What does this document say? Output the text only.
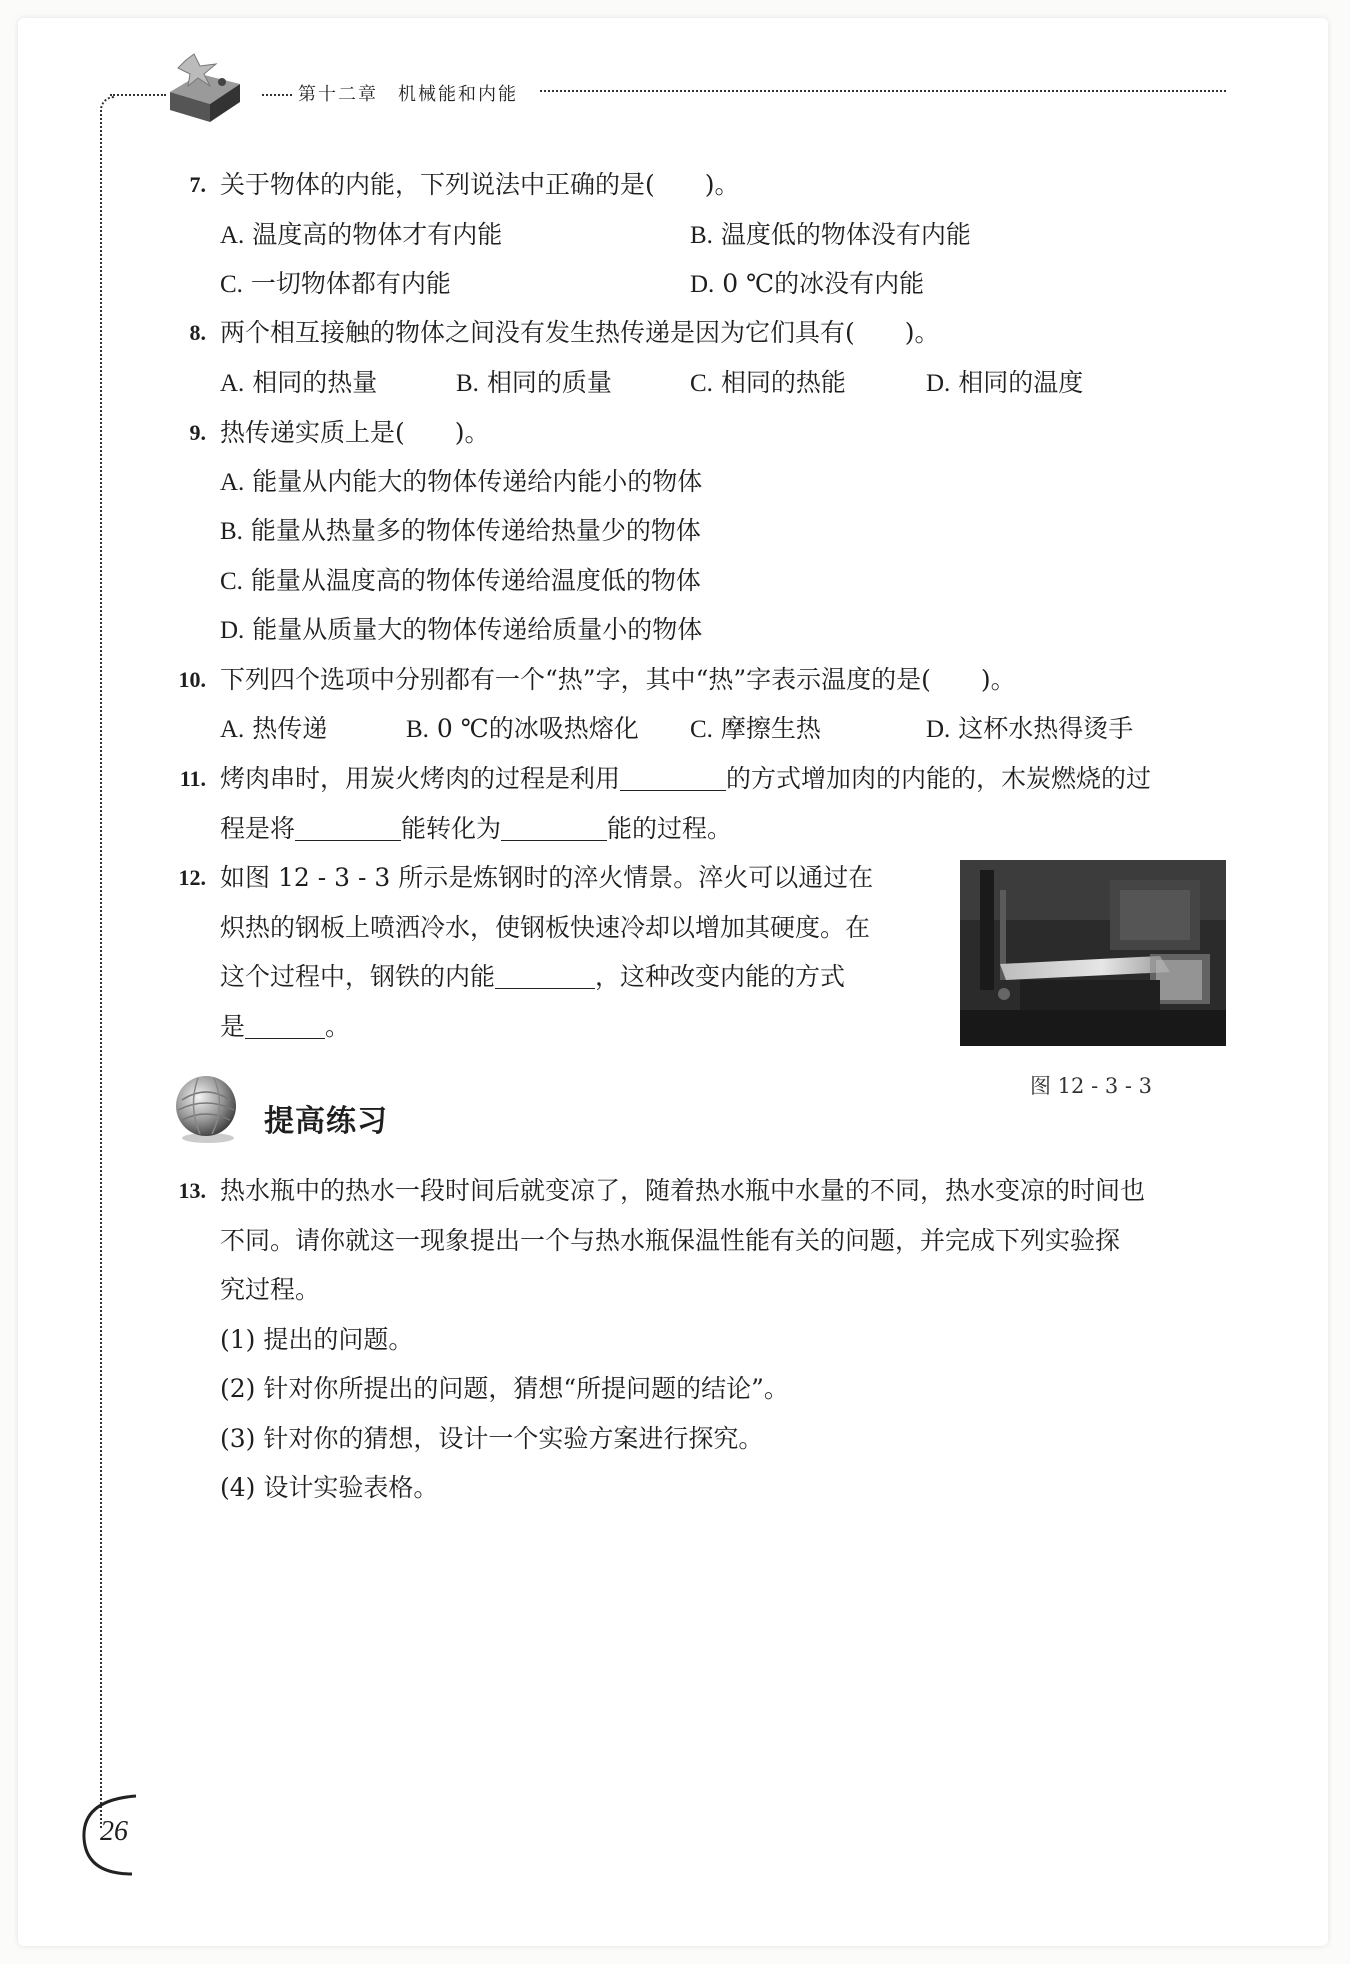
第十二章　机械能和内能
7. 关于物体的内能，下列说法中正确的是( )。
A. 温度高的物体才有内能	B. 温度低的物体没有内能
C. 一切物体都有内能	D. 0 ℃的冰没有内能
8. 两个相互接触的物体之间没有发生热传递是因为它们具有( )。
A. 相同的热量	B. 相同的质量	C. 相同的热能	D. 相同的温度
9. 热传递实质上是( )。
A. 能量从内能大的物体传递给内能小的物体
B. 能量从热量多的物体传递给热量少的物体
C. 能量从温度高的物体传递给温度低的物体
D. 能量从质量大的物体传递给质量小的物体
10. 下列四个选项中分别都有一个“热”字，其中“热”字表示温度的是( )。
A. 热传递	B. 0 ℃的冰吸热熔化 C. 摩擦生热	D. 这杯水热得烫手
11. 烤肉串时，用炭火烤肉的过程是利用	的方式增加肉的内能的，木炭燃烧的过
程是将	能转化为	能的过程。
12. 如图 12 - 3 - 3 所示是炼钢时的淬火情景。淬火可以通过在
炽热的钢板上喷洒冷水，使钢板快速冷却以增加其硬度。在
这个过程中，钢铁的内能	，这种改变内能的方式
是	。
图 12 - 3 - 3
提高练习
13. 热水瓶中的热水一段时间后就变凉了，随着热水瓶中水量的不同，热水变凉的时间也
不同。请你就这一现象提出一个与热水瓶保温性能有关的问题，并完成下列实验探
究过程。
(1) 提出的问题。
(2) 针对你所提出的问题，猜想“所提问题的结论”。
(3) 针对你的猜想，设计一个实验方案进行探究。
(4) 设计实验表格。
26
